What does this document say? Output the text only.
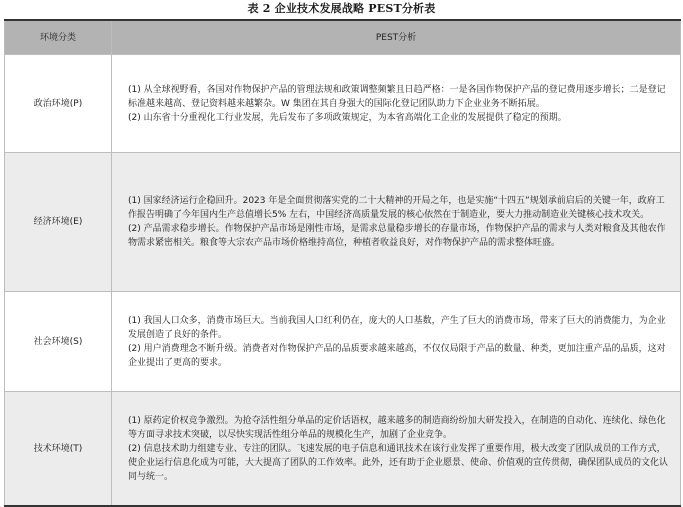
表 2 企业技术发展战略 PEST分析表
环境分类	PEST分析
政治环境(P)	(1) 从全球视野看，各国对作物保护产品的管理法规和政策调整频繁且日趋严格：一是各国作物保护产品的登记费用逐步增长；二是登记标准越来越高、登记资料越来越繁杂。W 集团在其自身强大的国际化登记团队助力下企业业务不断拓展。

(2) 山东省十分重视化工行业发展，先后发布了多项政策规定，为本省高端化工企业的发展提供了稳定的预期。

经济环境(E)	(1) 国家经济运行企稳回升。2023 年是全面贯彻落实党的二十大精神的开局之年，也是实施“十四五”规划承前启后的关键一年，政府工作报告明确了今年国内生产总值增长5% 左右，中国经济高质量发展的核心依然在于制造业，要大力推动制造业关键核心技术攻关。

(2) 产品需求稳步增长。作物保护产品市场是刚性市场，是需求总量稳步增长的存量市场，作物保护产品的需求与人类对粮食及其他农作物需求紧密相关。粮食等大宗农产品市场价格维持高位，种植者收益良好，对作物保护产品的需求整体旺盛。

社会环境(S)	(1) 我国人口众多，消费市场巨大。当前我国人口红利仍在，庞大的人口基数，产生了巨大的消费市场，带来了巨大的消费能力，为企业发展创造了良好的条件。

(2) 用户消费理念不断升级。消费者对作物保护产品的品质要求越来越高，不仅仅局限于产品的数量、种类，更加注重产品的品质，这对企业提出了更高的要求。

技术环境(T)	(1) 原药定价权竞争激烈。为抢夺活性组分单品的定价话语权，越来越多的制造商纷纷加大研发投入，在制造的自动化、连续化、绿色化等方面寻求技术突破，以尽快实现活性组分单品的规模化生产，加剧了企业竞争。

(2) 信息技术助力组建专业、专注的团队。飞速发展的电子信息和通讯技术在该行业发挥了重要作用，极大改变了团队成员的工作方式，使企业运行信息化成为可能，大大提高了团队的工作效率。此外，还有助于企业愿景、使命、价值观的宣传贯彻，确保团队成员的文化认同与统一。
